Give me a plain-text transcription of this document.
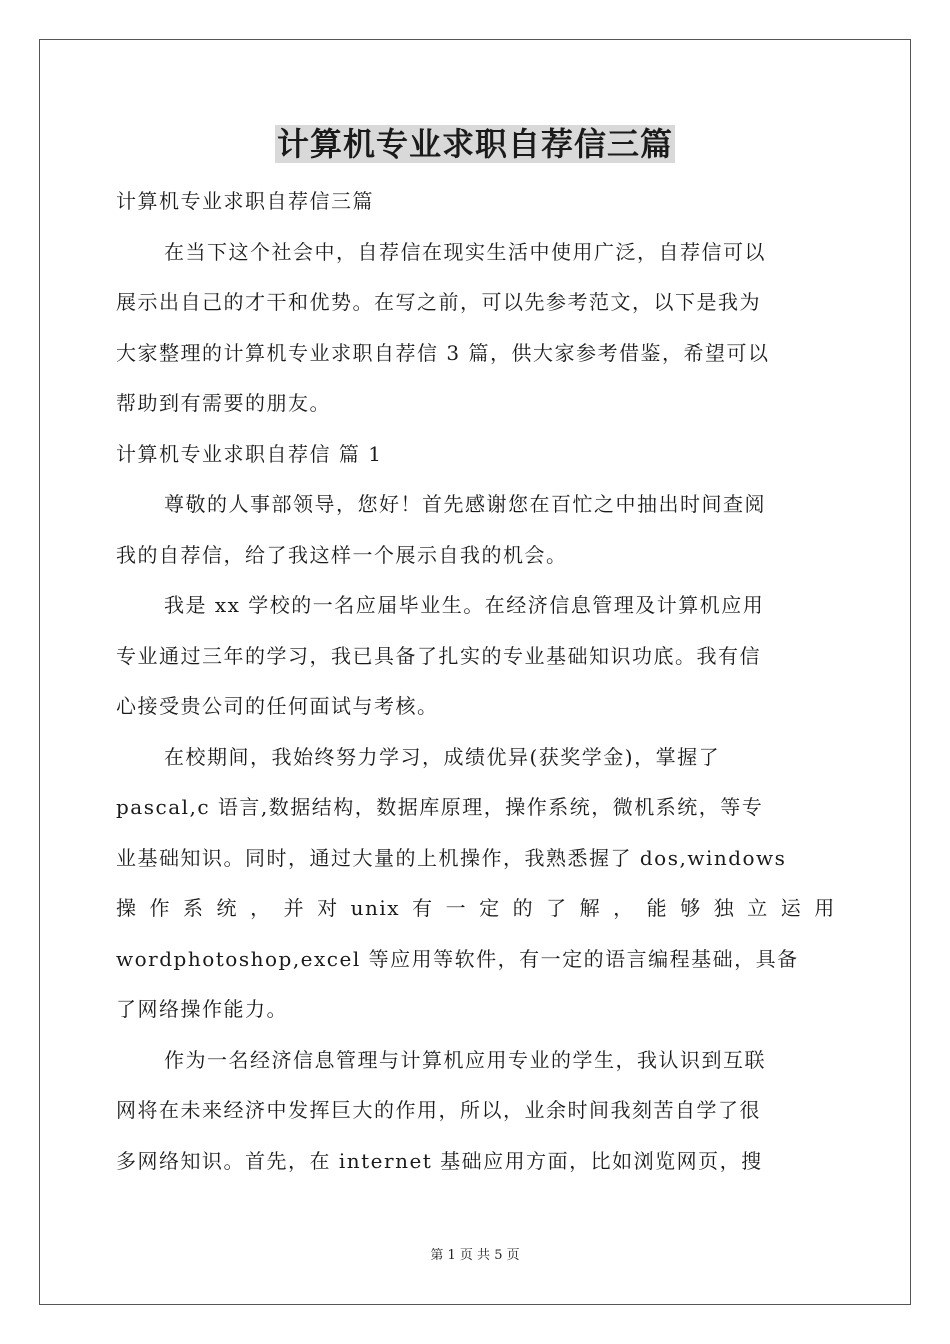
计算机专业求职自荐信三篇
计算机专业求职自荐信三篇
在当下这个社会中，自荐信在现实生活中使用广泛，自荐信可以
展示出自己的才干和优势。在写之前，可以先参考范文，以下是我为
大家整理的计算机专业求职自荐信 3 篇，供大家参考借鉴，希望可以
帮助到有需要的朋友。
计算机专业求职自荐信 篇 1
尊敬的人事部领导，您好！首先感谢您在百忙之中抽出时间查阅
我的自荐信，给了我这样一个展示自我的机会。
我是 xx 学校的一名应届毕业生。在经济信息管理及计算机应用
专业通过三年的学习，我已具备了扎实的专业基础知识功底。我有信
心接受贵公司的任何面试与考核。
在校期间，我始终努力学习，成绩优异(获奖学金)，掌握了
pascal,c 语言,数据结构，数据库原理，操作系统，微机系统，等专
业基础知识。同时，通过大量的上机操作，我熟悉握了 dos,windows
操 作 系 统 ， 并 对 unix 有 一 定 的 了 解 ， 能 够 独 立 运 用
wordphotoshop,excel 等应用等软件，有一定的语言编程基础，具备
了网络操作能力。
作为一名经济信息管理与计算机应用专业的学生，我认识到互联
网将在未来经济中发挥巨大的作用，所以，业余时间我刻苦自学了很
多网络知识。首先，在 internet 基础应用方面，比如浏览网页，搜
第 1 页 共 5 页
